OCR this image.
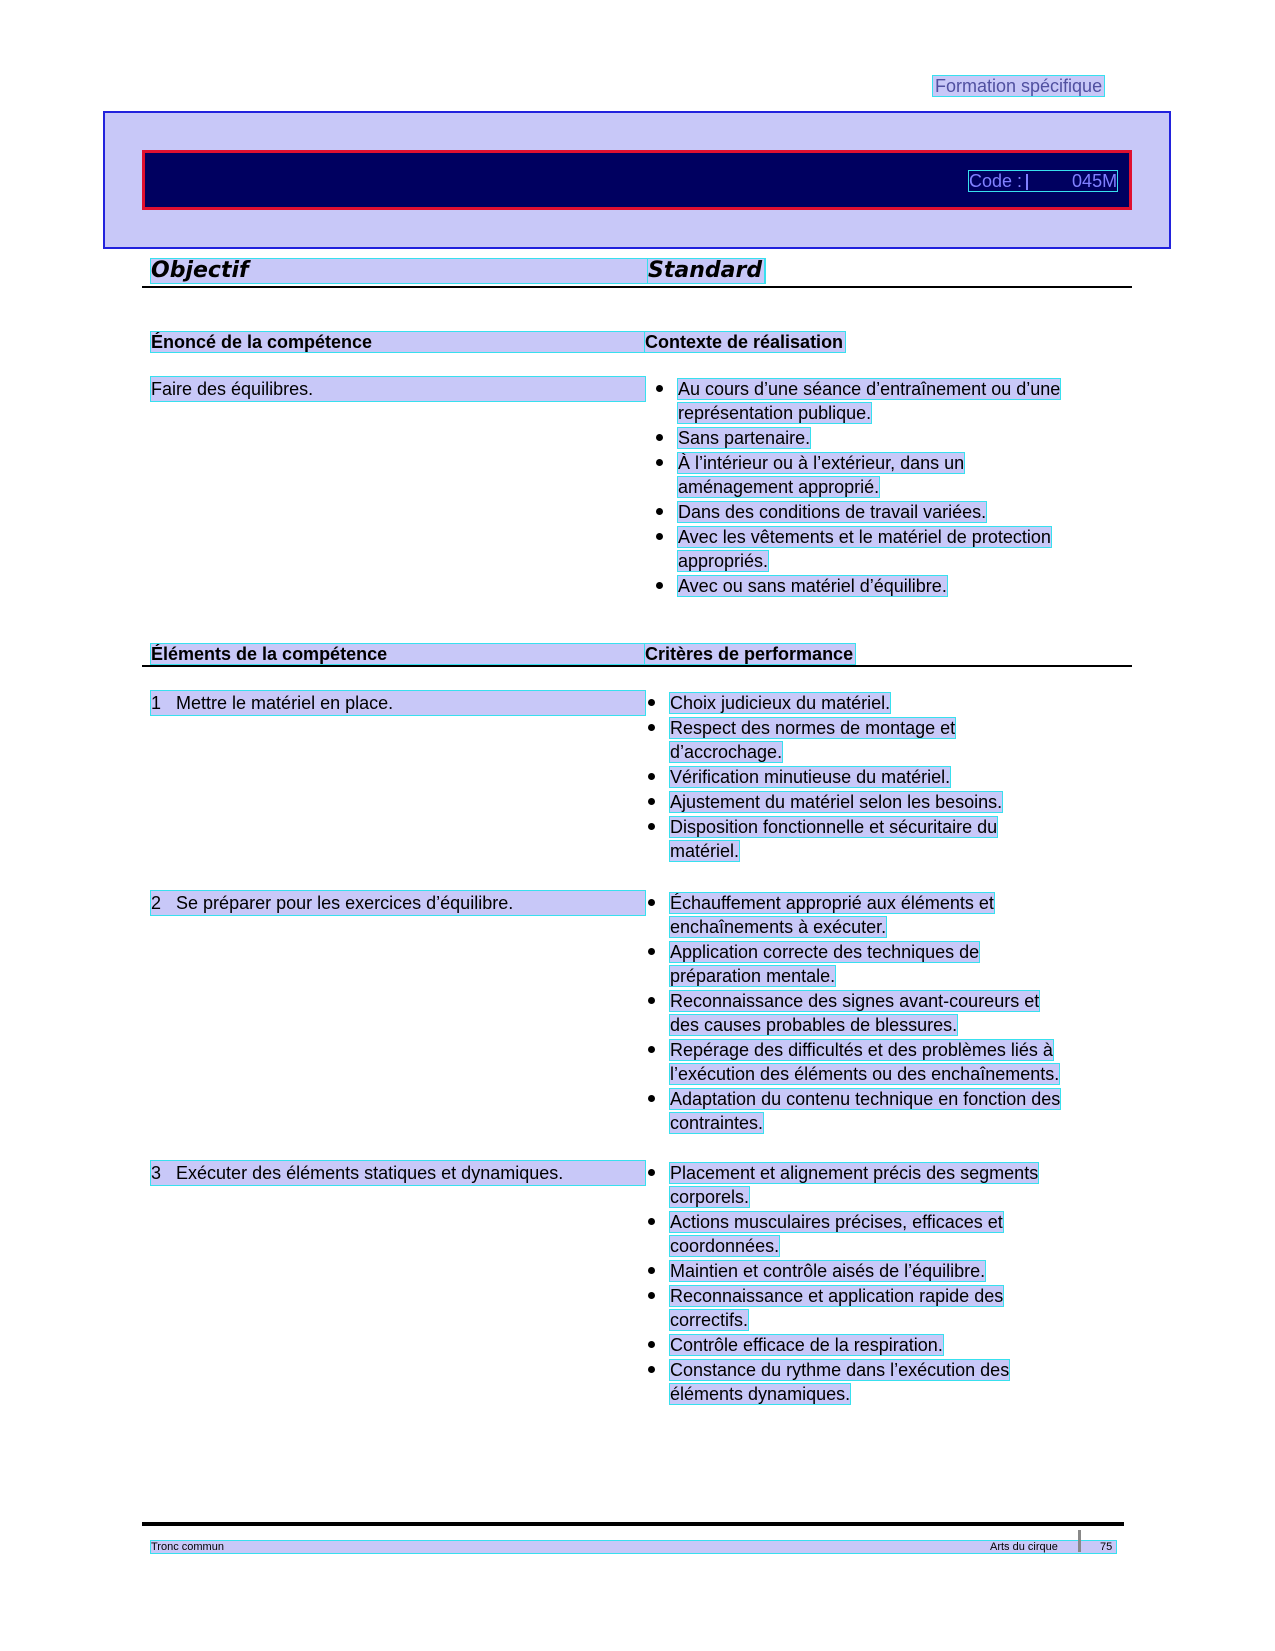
Formation spécifique
Code :	045M
Objectif	Standard
Énoncé de la compétence	Contexte de réalisation
Faire des équilibres.	Au cours d’une séance d’entraînement ou d’une
représentation publique.
Sans partenaire.
À l’intérieur ou à l’extérieur, dans un
aménagement approprié.
Dans des conditions de travail variées.
Avec les vêtements et le matériel de protection
appropriés.
Avec ou sans matériel d’équilibre.
Éléments de la compétence	Critères de performance
1 Mettre le matériel en place.	Choix judicieux du matériel.
Respect des normes de montage et
d’accrochage.
Vérification minutieuse du matériel.
Ajustement du matériel selon les besoins.
Disposition fonctionnelle et sécuritaire du
matériel.
2 Se préparer pour les exercices d’équilibre.	Échauffement approprié aux éléments et
enchaînements à exécuter.
Application correcte des techniques de
préparation mentale.
Reconnaissance des signes avant-coureurs et
des causes probables de blessures.
Repérage des difficultés et des problèmes liés à
l’exécution des éléments ou des enchaînements.
Adaptation du contenu technique en fonction des
contraintes.
3 Exécuter des éléments statiques et dynamiques.	Placement et alignement précis des segments
corporels.
Actions musculaires précises, efficaces et
coordonnées.
Maintien et contrôle aisés de l’équilibre.
Reconnaissance et application rapide des
correctifs.
Contrôle efficace de la respiration.
Constance du rythme dans l’exécution des
éléments dynamiques.
Tronc commun	Arts du cirque	75
